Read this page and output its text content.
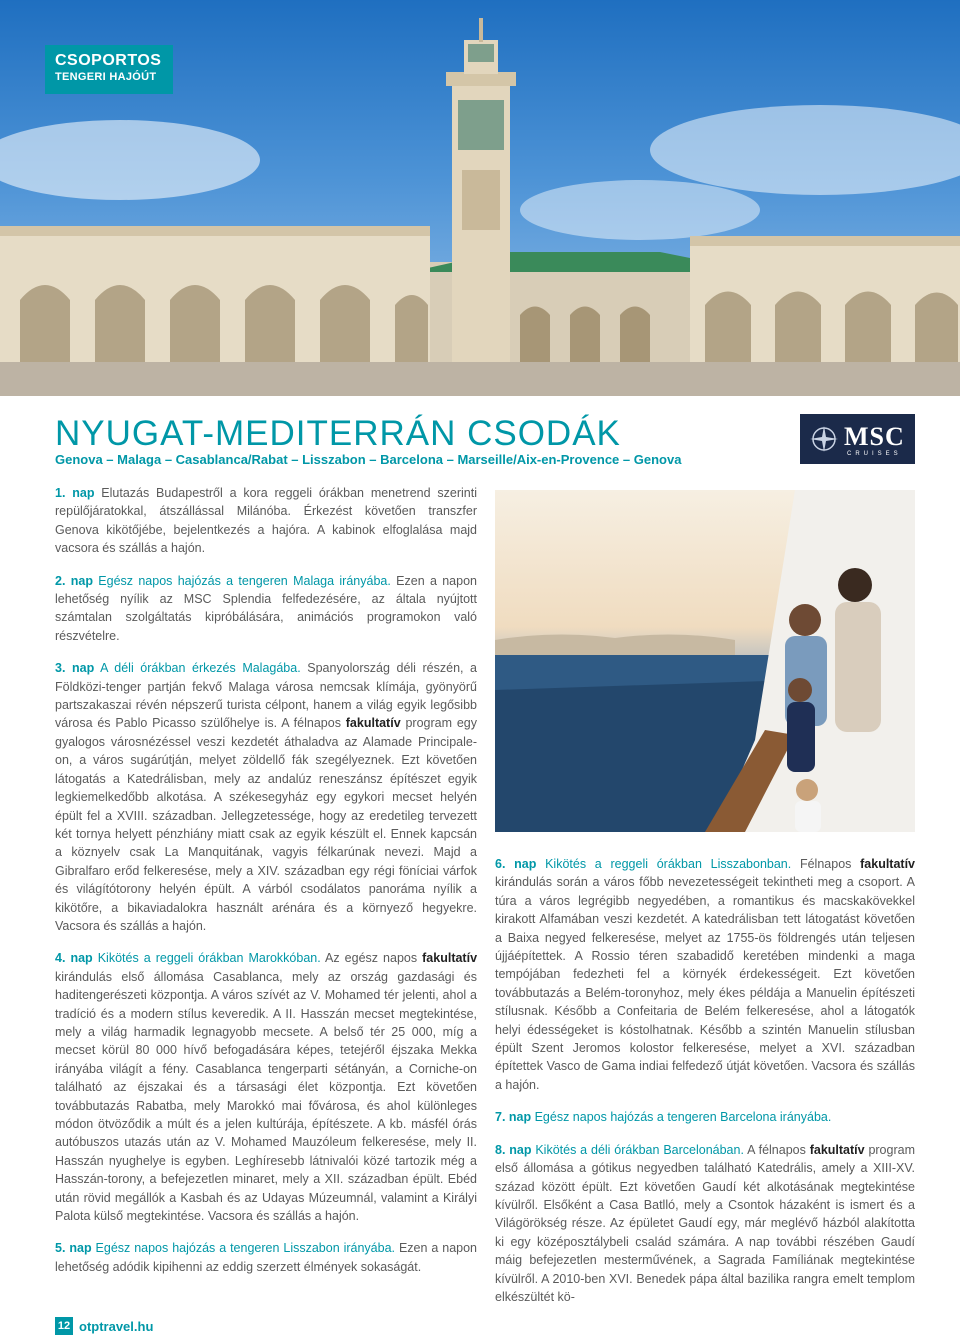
CSOPORTOS
TENGERI HAJÓÚT
NYUGAT-MEDITERRÁN CSODÁK
Genova – Malaga – Casablanca/Rabat – Lisszabon – Barcelona – Marseille/Aix-en-Provence – Genova
MSC
CRUISES

1. nap Elutazás Budapestről a kora reggeli órákban menetrend szerinti repülőjáratokkal, átszállással Milánóba. Érkezést követően transzfer Genova kikötőjébe, bejelentkezés a hajóra. A kabinok elfoglalása majd vacsora és szállás a hajón.

2. nap Egész napos hajózás a tengeren Malaga irányába. Ezen a napon lehetőség nyílik az MSC Splendia felfedezésére, az általa nyújtott számtalan szolgáltatás kipróbálására, animációs programokon való részvételre.

3. nap A déli órákban érkezés Malagába. Spanyolország déli részén, a Földközi-tenger partján fekvő Malaga városa nemcsak klímája, gyönyörű partszakaszai révén népszerű turista célpont, hanem a világ egyik legősibb városa és Pablo Picasso szülőhelye is. A félnapos fakultatív program egy gyalogos városnézéssel veszi kezdetét áthaladva az Alamade Principale-on, a város sugárútján, melyet zöldellő fák szegélyeznek. Ezt követően látogatás a Katedrálisban, mely az andalúz reneszánsz építészet egyik legkiemelkedőbb alkotása. A székesegyház egy egykori mecset helyén épült fel a XVIII. században. Jellegzetessége, hogy az eredetileg tervezett két tornya helyett pénzhiány miatt csak az egyik készült el. Ennek kapcsán a köznyelv csak La Manquitának, vagyis félkarúnak nevezi. Majd a Gibralfaro erőd felkeresése, mely a XIV. században egy régi föníciai várfok és világítótorony helyén épült. A várból csodálatos panoráma nyílik a kikötőre, a bikaviadalokra használt arénára és a környező hegyekre. Vacsora és szállás a hajón.

4. nap Kikötés a reggeli órákban Marokkóban. Az egész napos fakultatív kirándulás első állomása Casablanca, mely az ország gazdasági és haditengerészeti központja. A város szívét az V. Mohamed tér jelenti, ahol a tradíció és a modern stílus keveredik. A II. Hasszán mecset megtekintése, mely a világ harmadik legnagyobb mecsete. A belső tér 25 000, míg a mecset körül 80 000 hívő befogadására képes, tetejéről éjszaka Mekka irányába világít a fény. Casablanca tengerparti sétányán, a Corniche-on található az éjszakai és a társasági élet központja. Ezt követően továbbutazás Rabatba, mely Marokkó mai fővárosa, és ahol különleges módon ötvöződik a múlt és a jelen kultúrája, építészete. A kb. másfél órás autóbuszos utazás után az V. Mohamed Mauzóleum felkeresése, mely II. Hasszán nyughelye is egyben. Leghíresebb látnivalói közé tartozik még a Hasszán-torony, a befejezetlen minaret, mely a XII. században épült. Ebéd után rövid megállók a Kasbah és az Udayas Múzeumnál, valamint a Királyi Palota külső megtekintése. Vacsora és szállás a hajón.

5. nap Egész napos hajózás a tengeren Lisszabon irányába. Ezen a napon lehetőség adódik kipihenni az eddig szerzett élmények sokaságát.

6. nap Kikötés a reggeli órákban Lisszabonban. Félnapos fakultatív kirándulás során a város főbb nevezetességeit tekintheti meg a csoport. A túra a város legrégibb negyedében, a romantikus és macskakövekkel kirakott Alfamában veszi kezdetét. A katedrálisban tett látogatást követően a Baixa negyed felkeresése, melyet az 1755-ös földrengés után teljesen újjáépítettek. A Rossio téren szabadidő keretében mindenki a maga tempójában fedezheti fel a környék érdekességeit. Ezt követően továbbutazás a Belém-toronyhoz, mely ékes példája a Manuelin építészeti stílusnak. Később a Confeitaria de Belém felkeresése, ahol a látogatók helyi édességeket is kóstolhatnak. Később a szintén Manuelin stílusban épült Szent Jeromos kolostor felkeresése, melyet a XVI. században építettek Vasco de Gama indiai felfedező útját követően. Vacsora és szállás a hajón.

7. nap Egész napos hajózás a tengeren Barcelona irányába.

8. nap Kikötés a déli órákban Barcelonában. A félnapos fakultatív program első állomása a gótikus negyedben található Katedrális, amely a XIII-XV. század között épült. Ezt követően Gaudí két alkotásának megtekintése kívülről. Elsőként a Casa Batlló, mely a Csontok házaként is ismert és a Világörökség része. Az épületet Gaudí egy, már meglévő házból alakította ki egy középosztálybeli család számára. A nap további részében Gaudí máig befejezetlen mesterművének, a Sagrada Famíliának megtekintése kívülről. A 2010-ben XVI. Benedek pápa által bazilika rangra emelt templom elkészültét kö-

12 otptravel.hu
